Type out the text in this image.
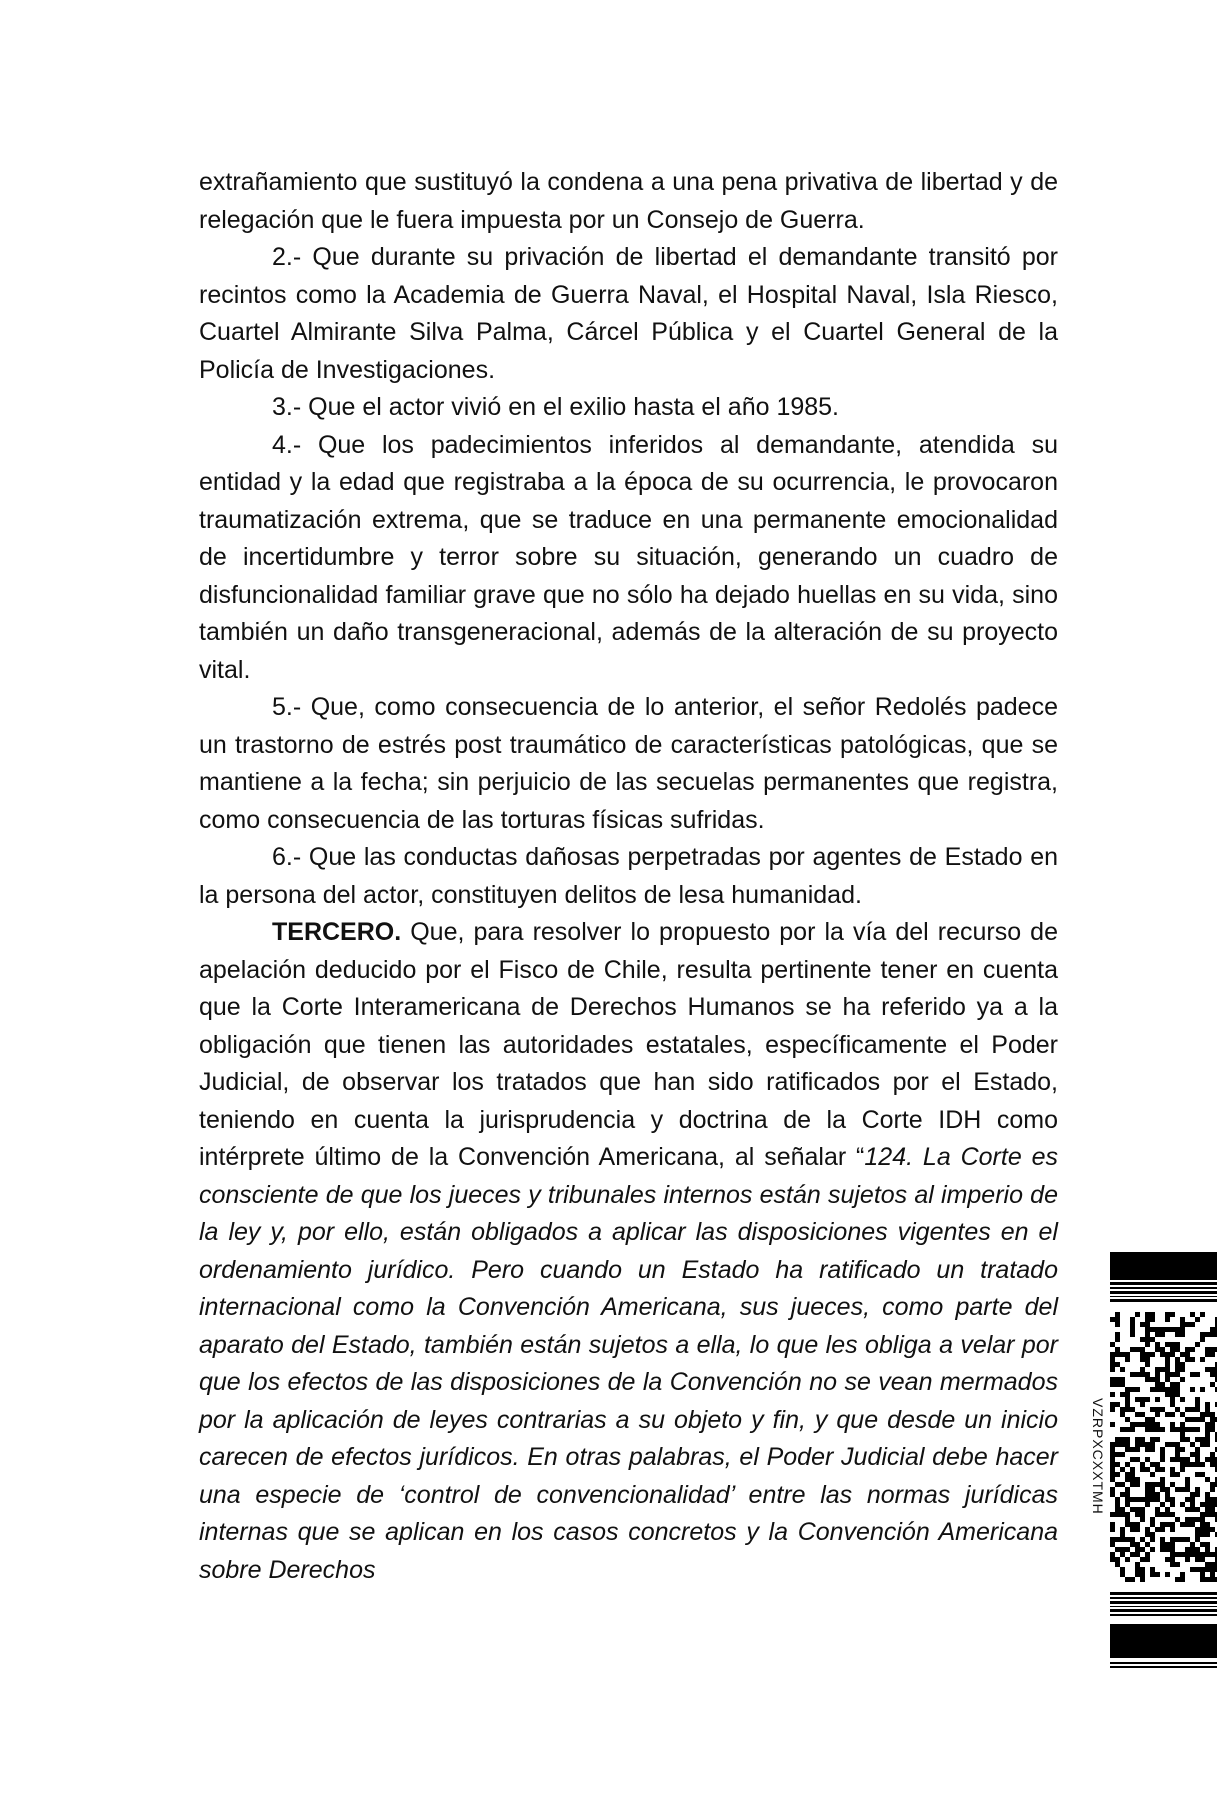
extrañamiento que sustituyó la condena a una pena privativa de libertad y de relegación que le fuera impuesta por un Consejo de Guerra.

2.- Que durante su privación de libertad el demandante transitó por recintos como la Academia de Guerra Naval, el Hospital Naval, Isla Riesco, Cuartel Almirante Silva Palma, Cárcel Pública y el Cuartel General de la Policía de Investigaciones.

3.- Que el actor vivió en el exilio hasta el año 1985.

4.- Que los padecimientos inferidos al demandante, atendida su entidad y la edad que registraba a la época de su ocurrencia, le provocaron traumatización extrema, que se traduce en una permanente emocionalidad de incertidumbre y terror sobre su situación, generando un cuadro de disfuncionalidad familiar grave que no sólo ha dejado huellas en su vida, sino también un daño transgeneracional, además de la alteración de su proyecto vital.

5.- Que, como consecuencia de lo anterior, el señor Redolés padece un trastorno de estrés post traumático de características patológicas, que se mantiene a la fecha; sin perjuicio de las secuelas permanentes que registra, como consecuencia de las torturas físicas sufridas.

6.- Que las conductas dañosas perpetradas por agentes de Estado en la persona del actor, constituyen delitos de lesa humanidad.

TERCERO. Que, para resolver lo propuesto por la vía del recurso de apelación deducido por el Fisco de Chile, resulta pertinente tener en cuenta que la Corte Interamericana de Derechos Humanos se ha referido ya a la obligación que tienen las autoridades estatales, específicamente el Poder Judicial, de observar los tratados que han sido ratificados por el Estado, teniendo en cuenta la jurisprudencia y doctrina de la Corte IDH como intérprete último de la Convención Americana, al señalar “124. La Corte es consciente de que los jueces y tribunales internos están sujetos al imperio de la ley y, por ello, están obligados a aplicar las disposiciones vigentes en el ordenamiento jurídico. Pero cuando un Estado ha ratificado un tratado internacional como la Convención Americana, sus jueces, como parte del aparato del Estado, también están sujetos a ella, lo que les obliga a velar por que los efectos de las disposiciones de la Convención no se vean mermados por la aplicación de leyes contrarias a su objeto y fin, y que desde un inicio carecen de efectos jurídicos. En otras palabras, el Poder Judicial debe hacer una especie de ‘control de convencionalidad’ entre las normas jurídicas internas que se aplican en los casos concretos y la Convención Americana sobre Derechos

VZRPXCXXTMH
